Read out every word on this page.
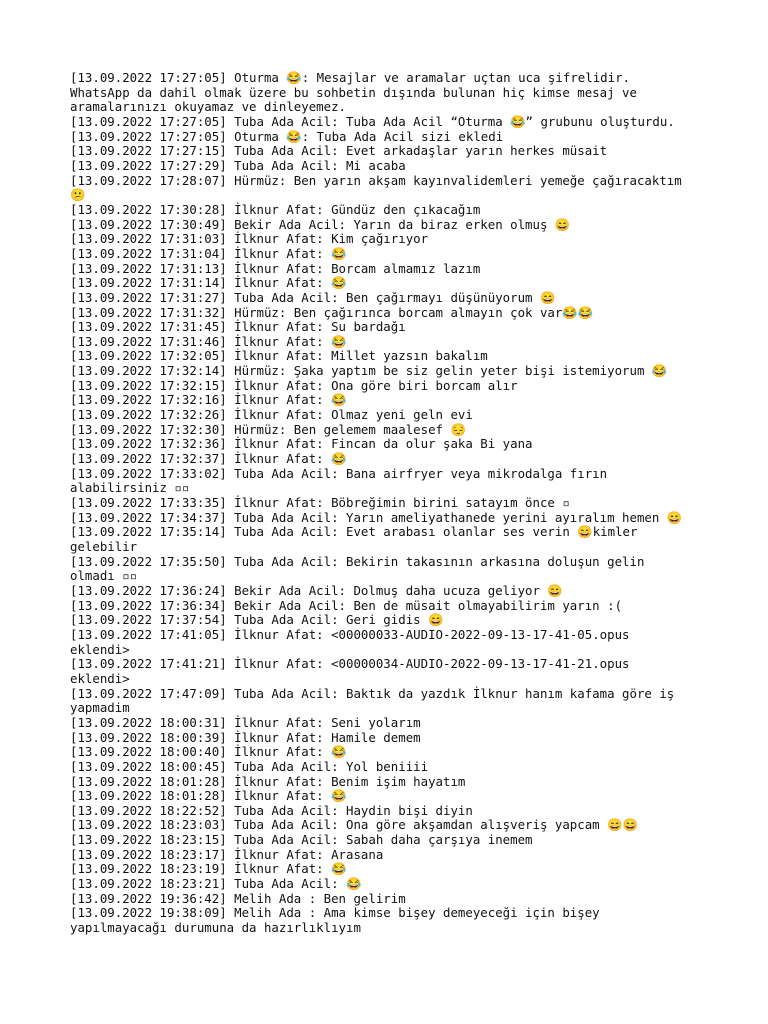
[13.09.2022 17:27:05] Oturma 😂: Mesajlar ve aramalar uçtan uca şifrelidir. WhatsApp da dahil olmak üzere bu sohbetin dışında bulunan hiç kimse mesaj ve aramalarınızı okuyamaz ve dinleyemez.

[13.09.2022 17:27:05] Tuba Ada Acil: Tuba Ada Acil “Oturma 😂” grubunu oluşturdu.

[13.09.2022 17:27:05] Oturma 😂: Tuba Ada Acil sizi ekledi

[13.09.2022 17:27:15] Tuba Ada Acil: Evet arkadaşlar yarın herkes müsait

[13.09.2022 17:27:29] Tuba Ada Acil: Mi acaba

[13.09.2022 17:28:07] Hürmüz: Ben yarın akşam kayınvalidemleri yemeğe çağıracaktım😕

[13.09.2022 17:30:28] İlknur Afat: Gündüz den çıkacağım

[13.09.2022 17:30:49] Bekir Ada Acil: Yarın da biraz erken olmuş 😄

[13.09.2022 17:31:03] İlknur Afat: Kim çağırıyor

[13.09.2022 17:31:04] İlknur Afat: 😂

[13.09.2022 17:31:13] İlknur Afat: Borcam almamız lazım

[13.09.2022 17:31:14] İlknur Afat: 😂

[13.09.2022 17:31:27] Tuba Ada Acil: Ben çağırmayı düşünüyorum 😄

[13.09.2022 17:31:32] Hürmüz: Ben çağırınca borcam almayın çok var😂😂

[13.09.2022 17:31:45] İlknur Afat: Su bardağı

[13.09.2022 17:31:46] İlknur Afat: 😂

[13.09.2022 17:32:05] İlknur Afat: Millet yazsın bakalım

[13.09.2022 17:32:14] Hürmüz: Şaka yaptım be siz gelin yeter bişi istemiyorum 😂

[13.09.2022 17:32:15] İlknur Afat: Ona göre biri borcam alır

[13.09.2022 17:32:16] İlknur Afat: 😂

[13.09.2022 17:32:26] İlknur Afat: Olmaz yeni geln evi

[13.09.2022 17:32:30] Hürmüz: Ben gelemem maalesef 😔

[13.09.2022 17:32:36] İlknur Afat: Fincan da olur şaka Bi yana

[13.09.2022 17:32:37] İlknur Afat: 😂

[13.09.2022 17:33:02] Tuba Ada Acil: Bana airfryer veya mikrodalga fırın alabilirsiniz ▫▫

[13.09.2022 17:33:35] İlknur Afat: Böbreğimin birini satayım önce ▫

[13.09.2022 17:34:37] Tuba Ada Acil: Yarın ameliyathanede yerini ayıralım hemen 😄

[13.09.2022 17:35:14] Tuba Ada Acil: Evet arabası olanlar ses verin 😄kimler gelebilir

[13.09.2022 17:35:50] Tuba Ada Acil: Bekirin takasının arkasına doluşun gelin olmadı ▫▫

[13.09.2022 17:36:24] Bekir Ada Acil: Dolmuş daha ucuza geliyor 😄

[13.09.2022 17:36:34] Bekir Ada Acil: Ben de müsait olmayabilirim yarın :(

[13.09.2022 17:37:54] Tuba Ada Acil: Geri gidis 😄

[13.09.2022 17:41:05] İlknur Afat: <00000033-AUDIO-2022-09-13-17-41-05.opus eklendi>

[13.09.2022 17:41:21] İlknur Afat: <00000034-AUDIO-2022-09-13-17-41-21.opus eklendi>

[13.09.2022 17:47:09] Tuba Ada Acil: Baktık da yazdık İlknur hanım kafama göre iş yapmadim

[13.09.2022 18:00:31] İlknur Afat: Seni yolarım

[13.09.2022 18:00:39] İlknur Afat: Hamile demem

[13.09.2022 18:00:40] İlknur Afat: 😂

[13.09.2022 18:00:45] Tuba Ada Acil: Yol beniiii

[13.09.2022 18:01:28] İlknur Afat: Benim işim hayatım

[13.09.2022 18:01:28] İlknur Afat: 😂

[13.09.2022 18:22:52] Tuba Ada Acil: Haydin bişi diyin

[13.09.2022 18:23:03] Tuba Ada Acil: Ona göre akşamdan alışveriş yapcam 😄😄

[13.09.2022 18:23:15] Tuba Ada Acil: Sabah daha çarşıya inemem

[13.09.2022 18:23:17] İlknur Afat: Arasana

[13.09.2022 18:23:19] İlknur Afat: 😂

[13.09.2022 18:23:21] Tuba Ada Acil: 😂

[13.09.2022 19:36:42] Melih Ada : Ben gelirim

[13.09.2022 19:38:09] Melih Ada : Ama kimse bişey demeyeceği için bişey yapılmayacağı durumuna da hazırlıklıyım
